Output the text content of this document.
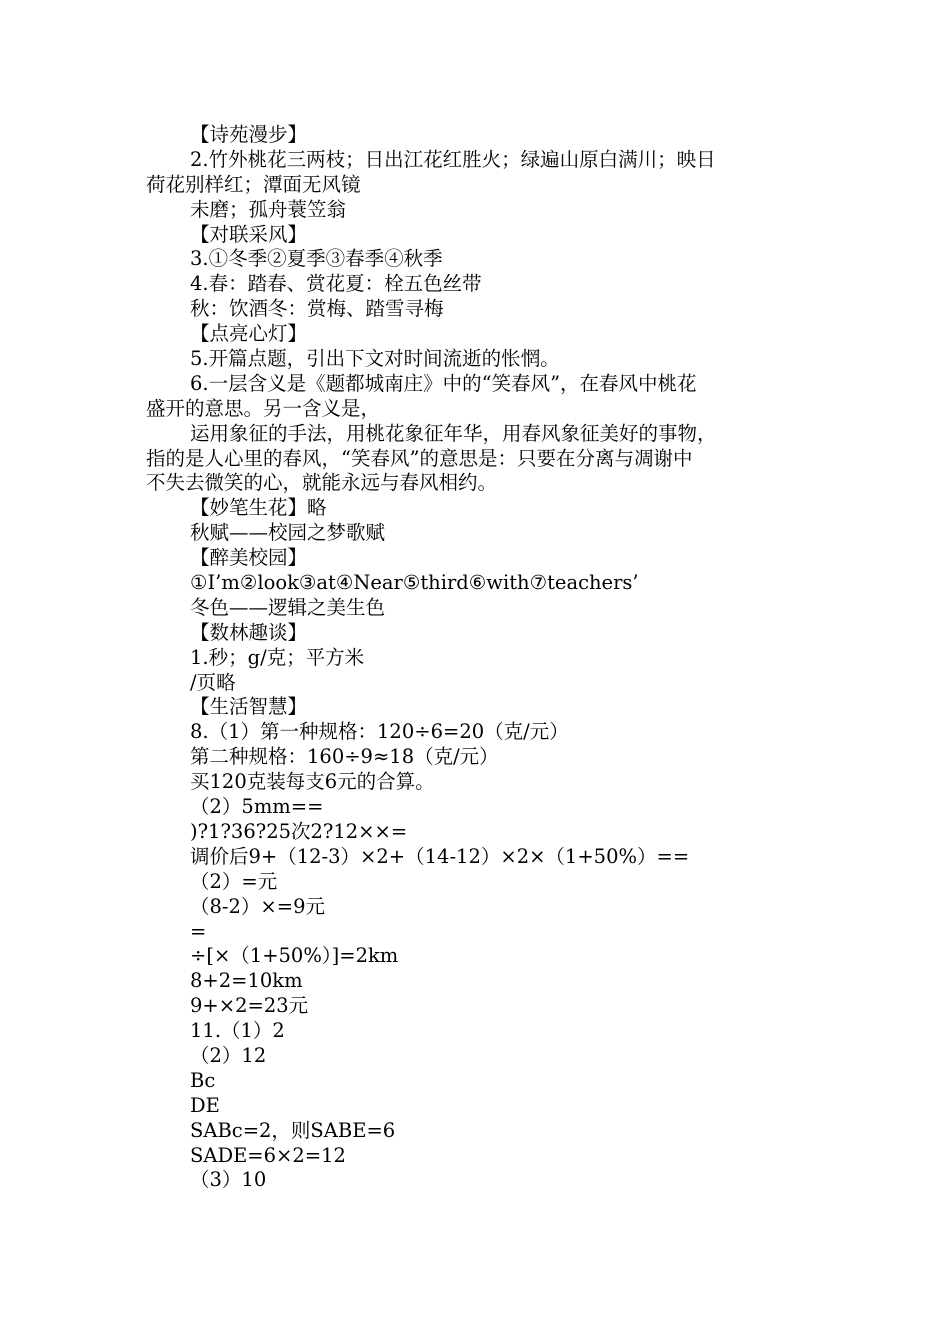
【诗苑漫步】
2.竹外桃花三两枝；日出江花红胜火；绿遍山原白满川；映日
荷花别样红；潭面无风镜
未磨；孤舟蓑笠翁
【对联采风】
3.①冬季②夏季③春季④秋季
4.春：踏春、赏花夏：栓五色丝带
秋：饮酒冬：赏梅、踏雪寻梅
【点亮心灯】
5.开篇点题，引出下文对时间流逝的怅惘。
6.一层含义是《题都城南庄》中的“笑春风”，在春风中桃花
盛开的意思。另一含义是，
运用象征的手法，用桃花象征年华，用春风象征美好的事物，
指的是人心里的春风，“笑春风”的意思是：只要在分离与凋谢中
不失去微笑的心，就能永远与春风相约。
【妙笔生花】略
秋赋——校园之梦歌赋
【醉美校园】
①I’m②look③at④Near⑤third⑥with⑦teachers’
冬色——逻辑之美生色
【数林趣谈】
1.秒；g/克；平方米
/页略
【生活智慧】
8.（1）第一种规格：120÷6=20（克/元）
第二种规格：160÷9≈18（克/元）
买120克装每支6元的合算。
（2）5mm==
)?1?36?25次2?12××=
调价后9+（12-3）×2+（14-12）×2×（1+50%）==
（2）=元
（8-2）×=9元
=
÷[×（1+50%）]=2km
8+2=10km
9+×2=23元
11.（1）2
（2）12
Bc
DE
SABc=2，则SABE=6
SADE=6×2=12
（3）10
